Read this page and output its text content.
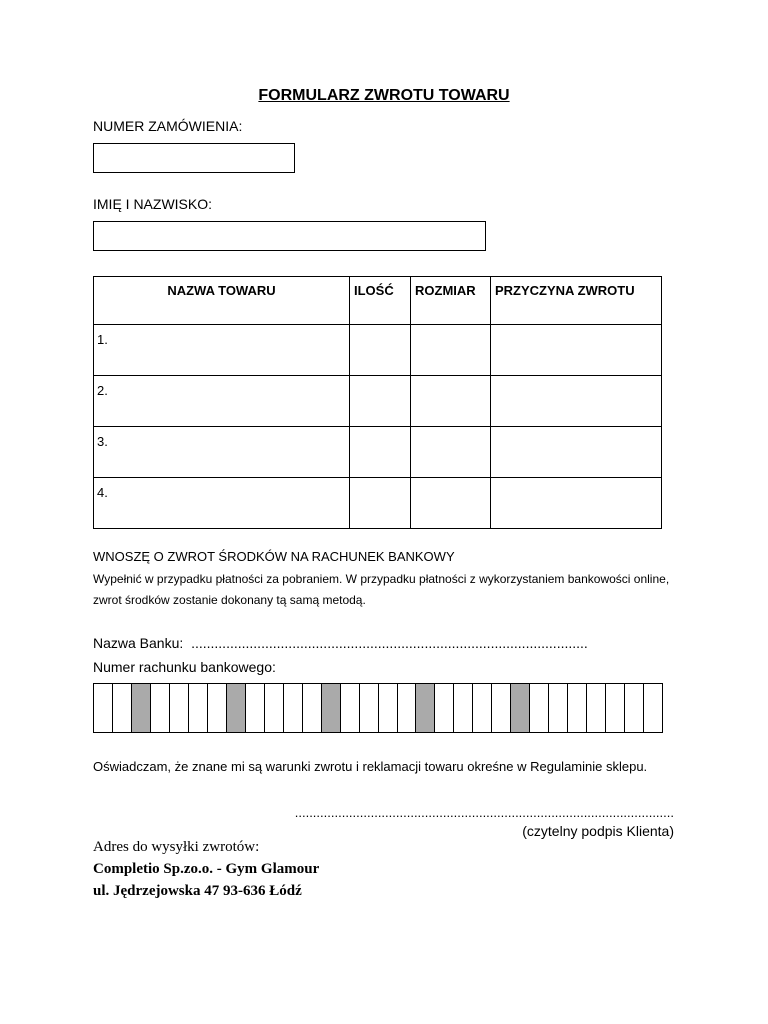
FORMULARZ ZWROTU TOWARU
NUMER ZAMÓWIENIA:
IMIĘ I NAZWISKO:
NAZWA TOWARU	ILOŚĆ	ROZMIAR	PRZYCZYNA ZWROTU
1.			
2.			
3.			
4.			
WNOSZĘ O ZWROT ŚRODKÓW NA RACHUNEK BANKOWY
Wypełnić w przypadku płatności za pobraniem. W przypadku płatności z wykorzystaniem bankowości online,
zwrot środków zostanie dokonany tą samą metodą.
Nazwa Banku: ......................................................................................................
Numer rachunku bankowego:
Oświadczam, że znane mi są warunki zwrotu i reklamacji towaru okreśne w Regulaminie sklepu.
.........................................................................................................
(czytelny podpis Klienta)
Adres do wysyłki zwrotów:
Completio Sp.zo.o. - Gym Glamour
ul. Jędrzejowska 47 93-636 Łódź
